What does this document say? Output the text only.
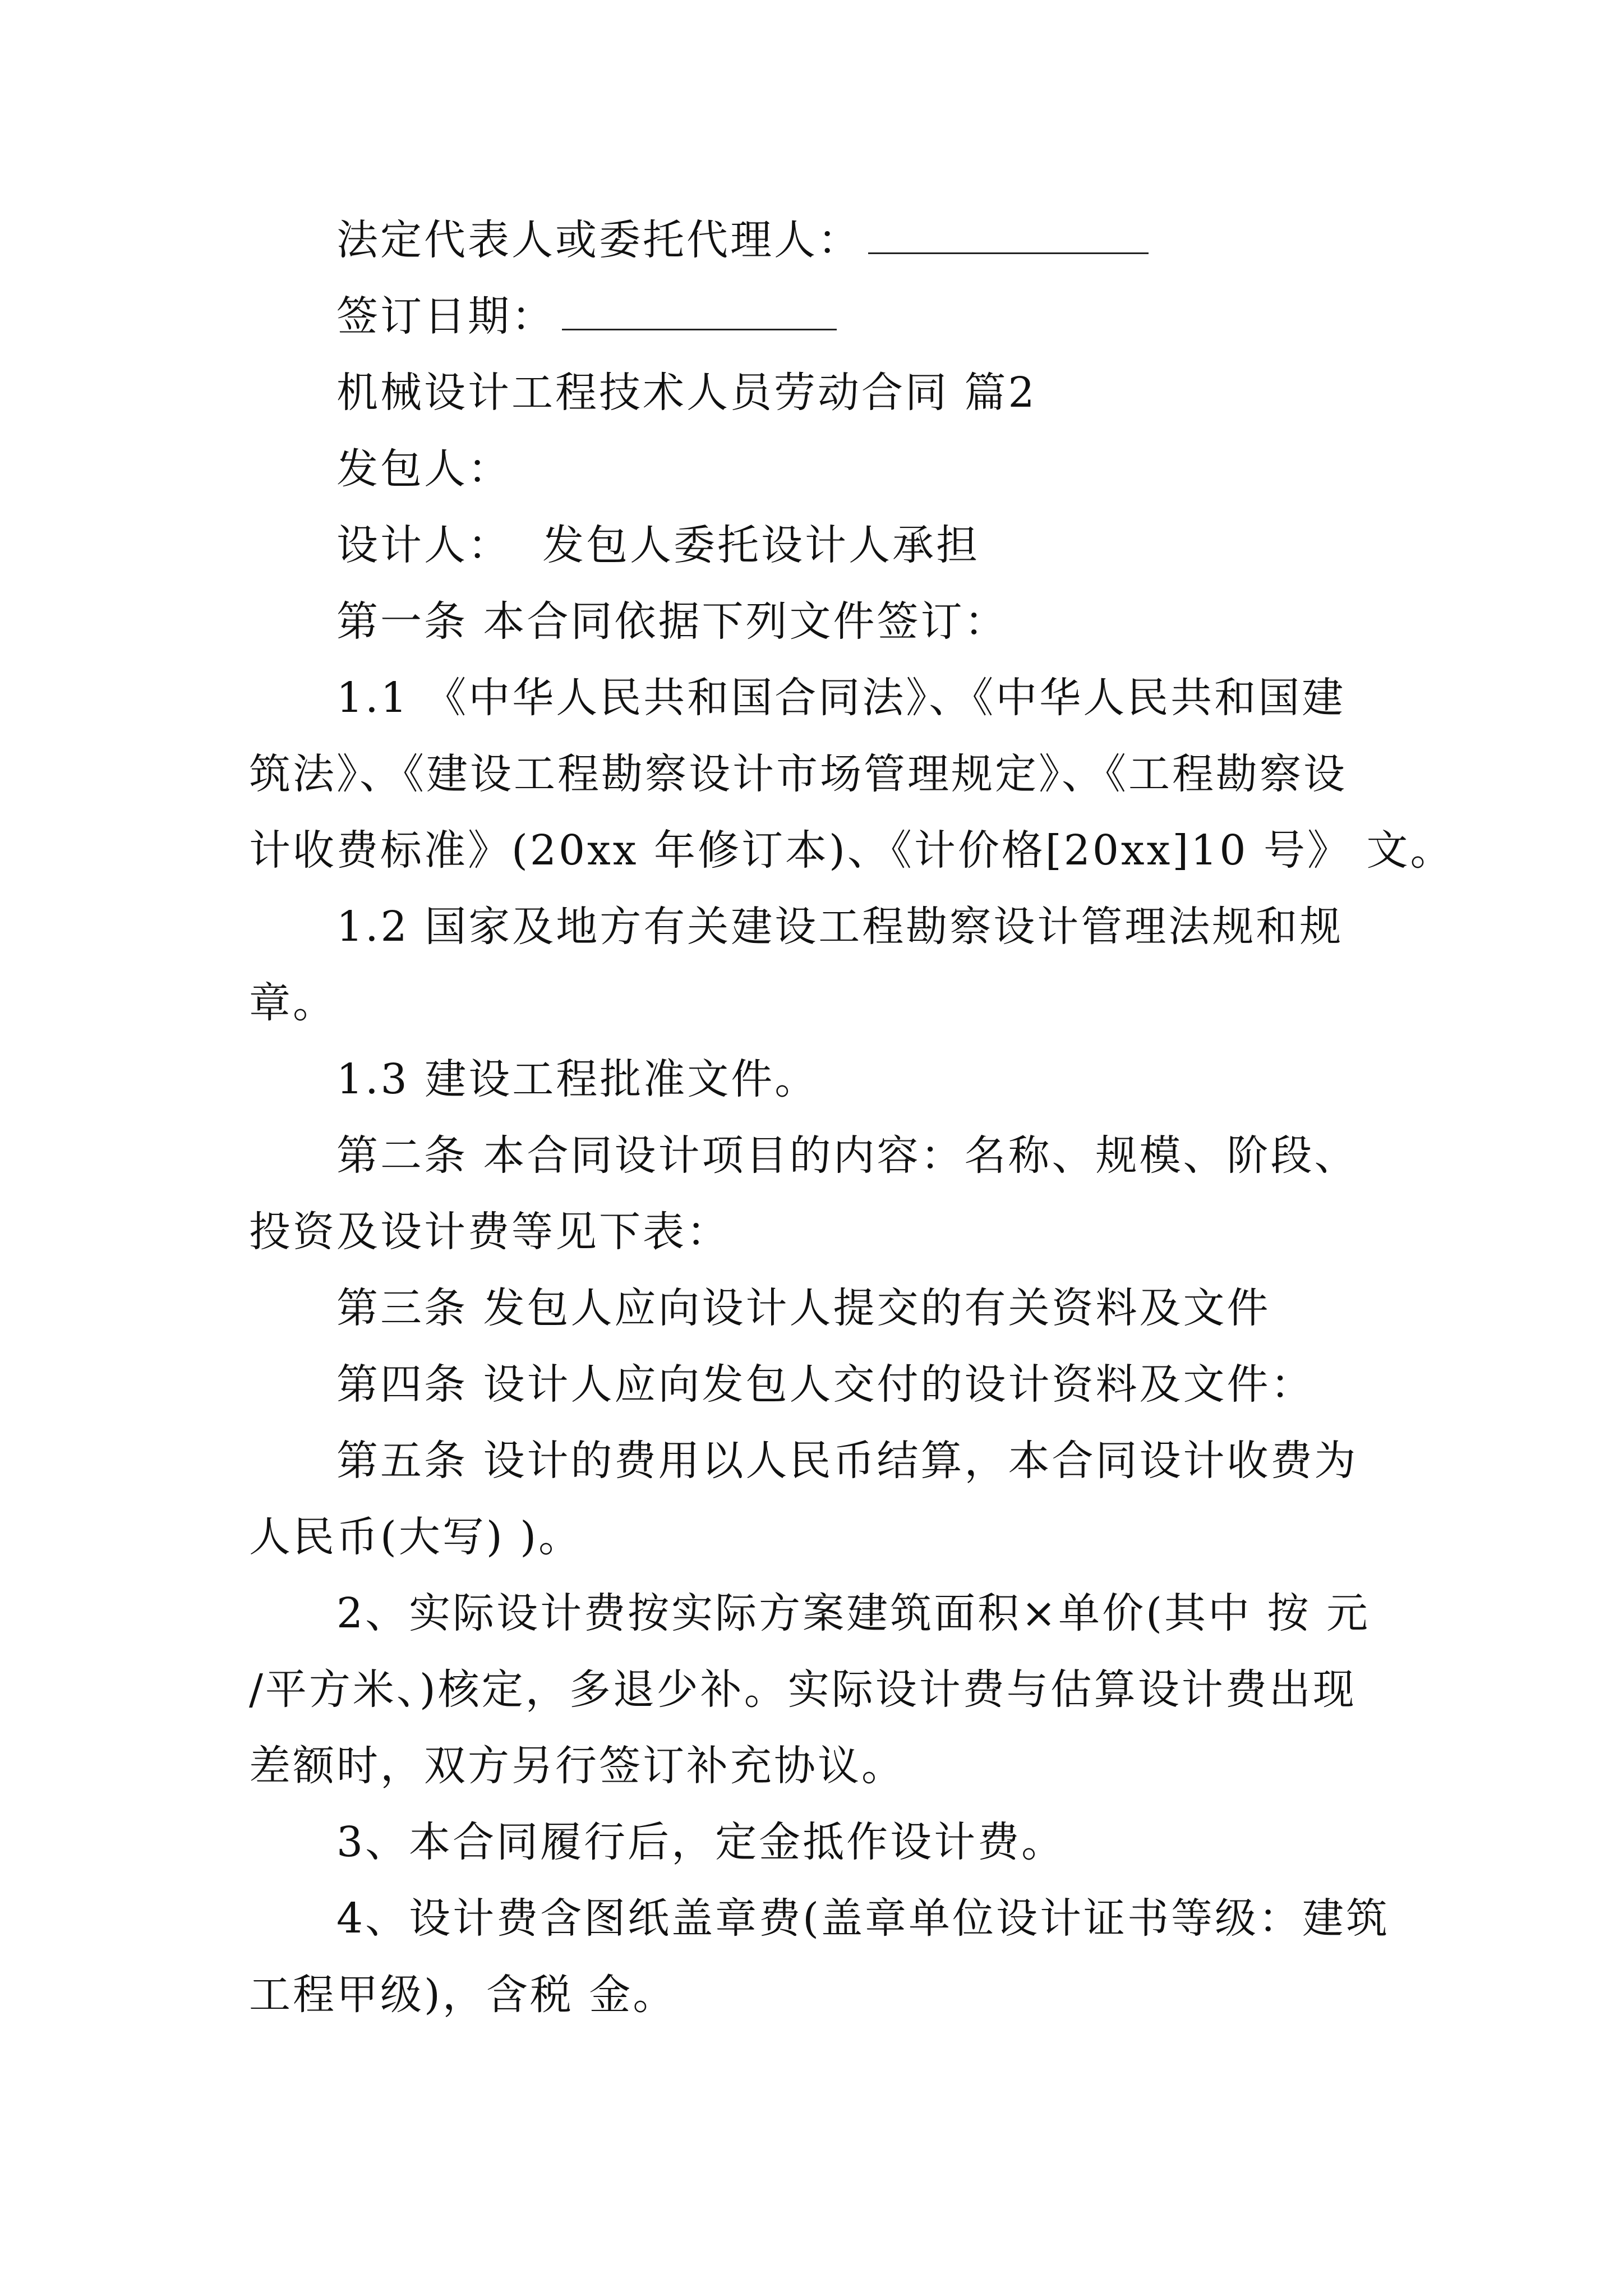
法定代表人或委托代理人：
签订日期：
机械设计工程技术人员劳动合同 篇2
发包人：
设计人：  发包人委托设计人承担
第一条 本合同依据下列文件签订：
1.1 《中华人民共和国合同法》、《中华人民共和国建
筑法》、《建设工程勘察设计市场管理规定》、《工程勘察设
计收费标准》(20xx 年修订本)、《计价格[20xx]10 号》 文。
1.2 国家及地方有关建设工程勘察设计管理法规和规
章。
1.3 建设工程批准文件。
第二条 本合同设计项目的内容：名称、规模、阶段、
投资及设计费等见下表：
第三条 发包人应向设计人提交的有关资料及文件
第四条 设计人应向发包人交付的设计资料及文件：
第五条 设计的费用以人民币结算，本合同设计收费为
人民币(大写) )。
2、实际设计费按实际方案建筑面积×单价(其中 按 元
/平方米、)核定，多退少补。实际设计费与估算设计费出现
差额时，双方另行签订补充协议。
3、本合同履行后，定金抵作设计费。
4、设计费含图纸盖章费(盖章单位设计证书等级：建筑
工程甲级)，含税 金。
